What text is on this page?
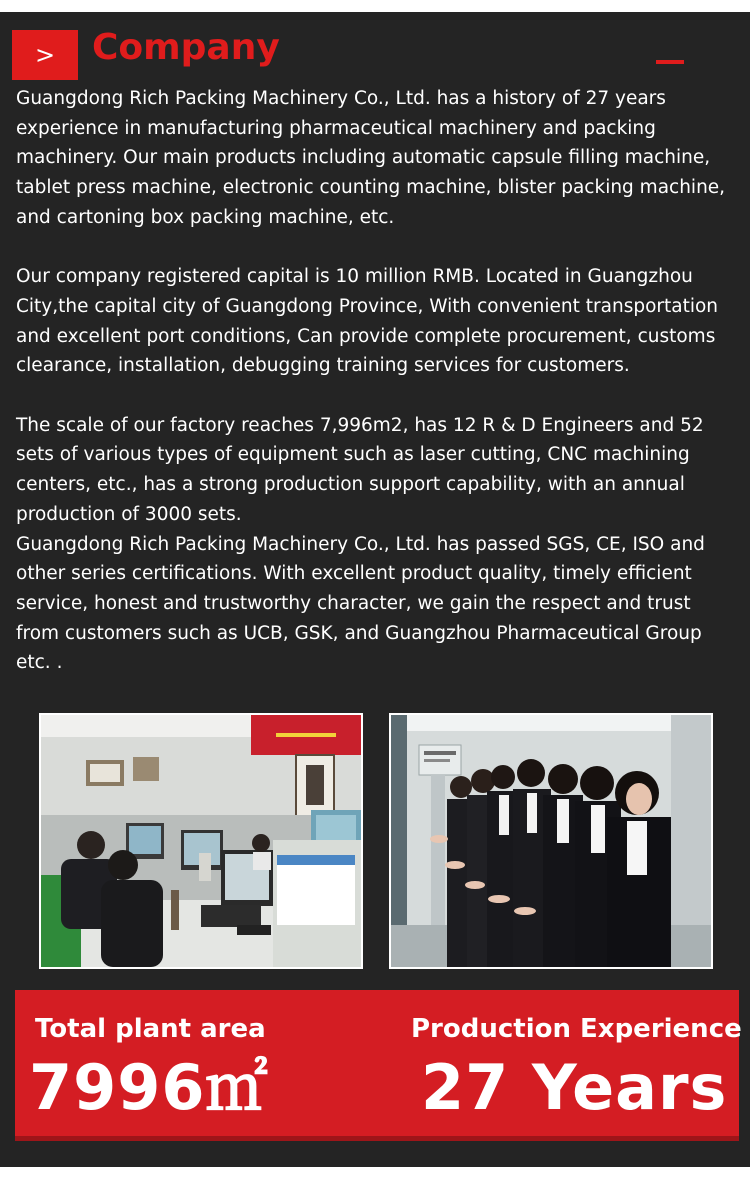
> Company

Guangdong Rich Packing Machinery Co., Ltd. has a history of 27 years experience in manufacturing pharmaceutical machinery and packing machinery. Our main products including automatic capsule filling machine, tablet press machine, electronic counting machine, blister packing machine, and cartoning box packing machine, etc.

Our company registered capital is 10 million RMB. Located in Guangzhou City,the capital city of Guangdong Province, With convenient transportation and excellent port conditions, Can provide complete procurement, customs clearance, installation, debugging training services for customers.

The scale of our factory reaches 7,996m2, has 12 R & D Engineers and 52 sets of various types of equipment such as laser cutting, CNC machining centers, etc., has a strong production support capability, with an annual production of 3000 sets.

Guangdong Rich Packing Machinery Co., Ltd. has passed SGS, CE, ISO and other series certifications. With excellent product quality, timely efficient service, honest and trustworthy character, we gain the respect and trust from customers such as UCB, GSK, and Guangzhou Pharmaceutical Group etc. .

Total plant area
7996㎡
Production Experience
27 Years
